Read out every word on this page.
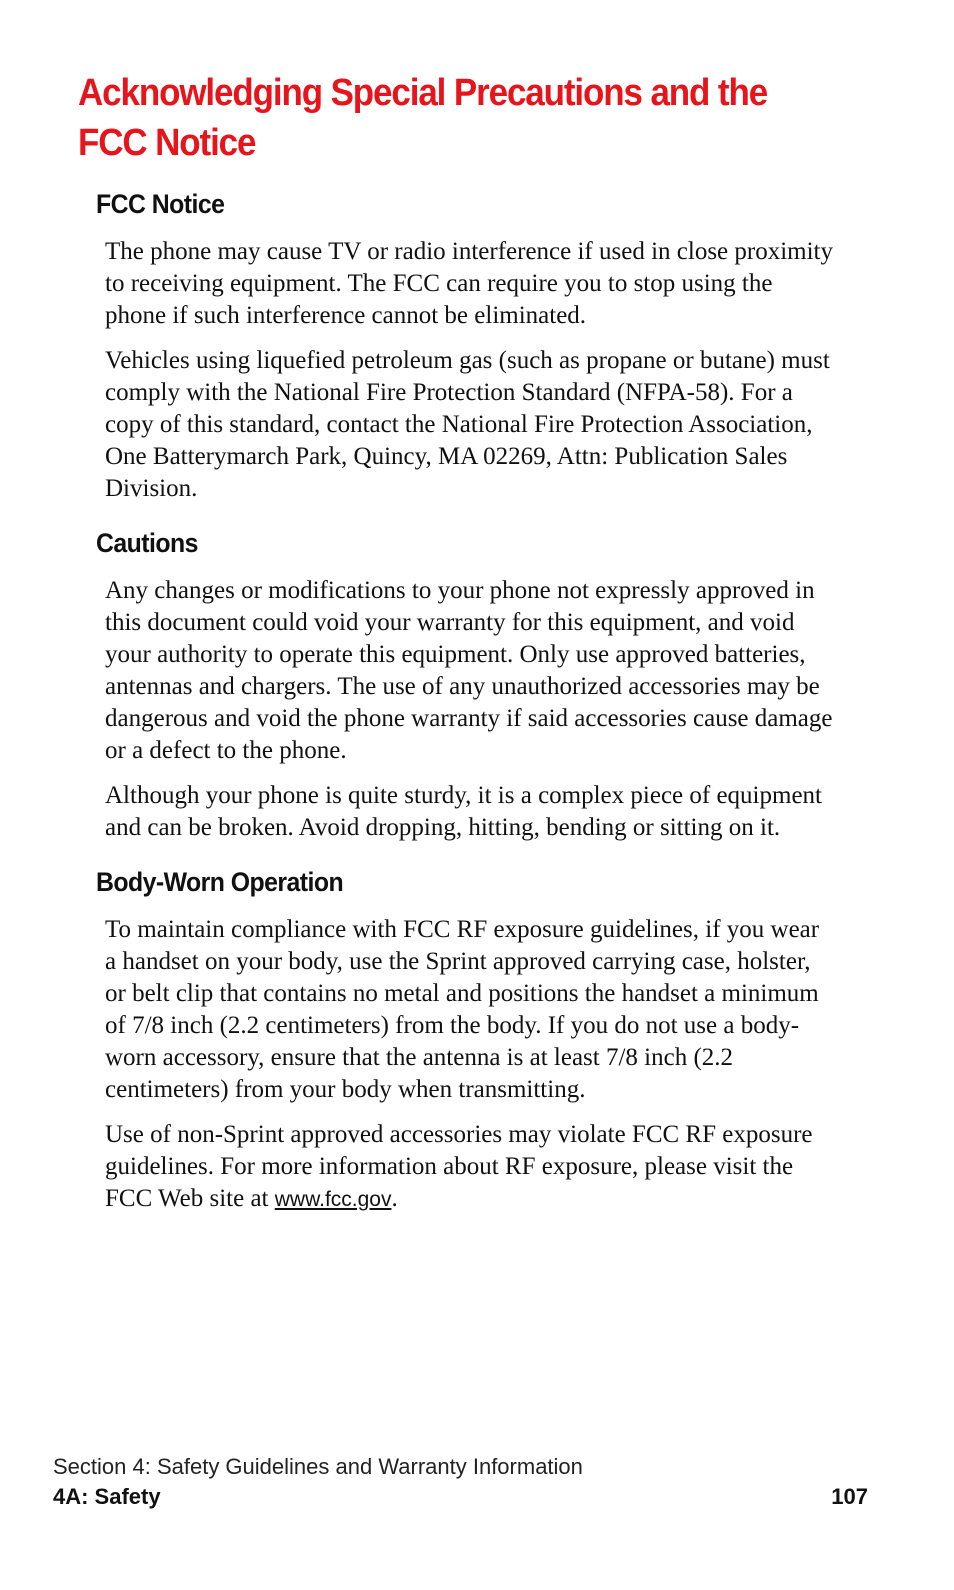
Acknowledging Special Precautions and the FCC Notice
FCC Notice

The phone may cause TV or radio interference if used in close proximity to receiving equipment. The FCC can require you to stop using the phone if such interference cannot be eliminated.

Vehicles using liquefied petroleum gas (such as propane or butane) must comply with the National Fire Protection Standard (NFPA-58). For a copy of this standard, contact the National Fire Protection Association, One Batterymarch Park, Quincy, MA 02269, Attn: Publication Sales Division.

Cautions

Any changes or modifications to your phone not expressly approved in this document could void your warranty for this equipment, and void your authority to operate this equipment. Only use approved batteries, antennas and chargers. The use of any unauthorized accessories may be dangerous and void the phone warranty if said accessories cause damage or a defect to the phone.

Although your phone is quite sturdy, it is a complex piece of equipment and can be broken. Avoid dropping, hitting, bending or sitting on it.

Body-Worn Operation

To maintain compliance with FCC RF exposure guidelines, if you wear a handset on your body, use the Sprint approved carrying case, holster, or belt clip that contains no metal and positions the handset a minimum of 7/8 inch (2.2 centimeters) from the body. If you do not use a body-worn accessory, ensure that the antenna is at least 7/8 inch (2.2 centimeters) from your body when transmitting.

Use of non-Sprint approved accessories may violate FCC RF exposure guidelines. For more information about RF exposure, please visit the FCC Web site at www.fcc.gov.

Section 4: Safety Guidelines and Warranty Information
4A: Safety	107
